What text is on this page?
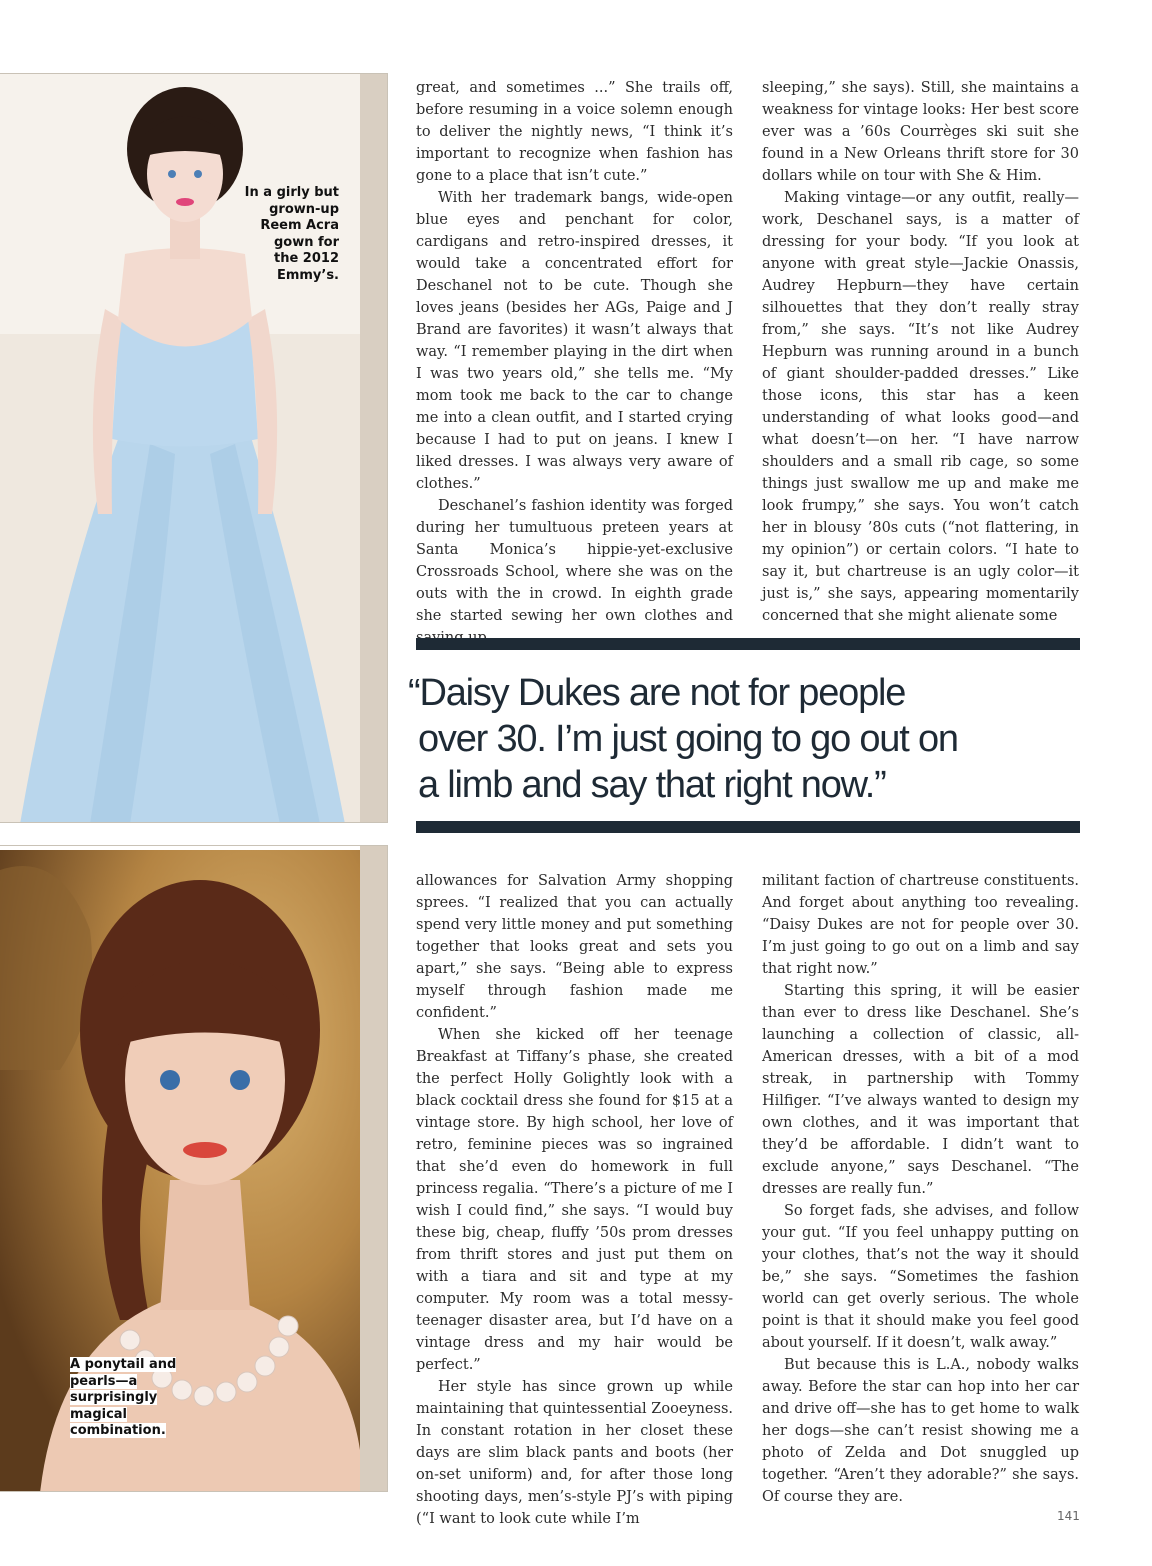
In a girly but
grown-up
Reem Acra
gown for
the 2012
Emmy’s.
A ponytail and
pearls—a
surprisingly
magical
combination.

great, and sometimes ...” She trails off, before resuming in a voice solemn enough to deliver the nightly news, “I think it’s important to recognize when fashion has gone to a place that isn’t cute.”

With her trademark bangs, wide-open blue eyes and penchant for color, cardigans and retro-inspired dresses, it would take a concentrated effort for Deschanel not to be cute. Though she loves jeans (besides her AGs, Paige and J Brand are favorites) it wasn’t always that way. “I remember playing in the dirt when I was two years old,” she tells me. “My mom took me back to the car to change me into a clean outfit, and I started crying because I had to put on jeans. I knew I liked dresses. I was always very aware of clothes.”

Deschanel’s fashion identity was forged during her tumultuous preteen years at Santa Monica’s hippie-yet-exclusive Crossroads School, where she was on the outs with the in crowd. In eighth grade she started sewing her own clothes and

sleeping,” she says). Still, she maintains a weakness for vintage looks: Her best score ever was a ’60s Courrèges ski suit she found in a New Orleans thrift store for 30 dollars while on tour with She & Him.

Making vintage—or any outfit, really—work, Deschanel says, is a matter of dressing for your body. “If you look at anyone with great style—Jackie Onassis, Audrey Hepburn—they have certain silhouettes that they don’t really stray from,” she says. “It’s not like Audrey Hepburn was running around in a bunch of giant shoulder-padded dresses.” Like those icons, this star has a keen understanding of what looks good—and what doesn’t—on her. “I have narrow shoulders and a small rib cage, so some things just swallow me up and make me look frumpy,” she says. You won’t catch her in blousy ’80s cuts (“not flattering, in my opinion”) or certain colors. “I hate to say it, but chartreuse is an ugly color—it just is,” she says, appearing momentarily concerned that she might alienate some

“Daisy Dukes are not for people
over 30. I’m just going to go out on
a limb and say that right now.”

allowances for Salvation Army shopping sprees. “I realized that you can actually spend very little money and put something together that looks great and sets you apart,” she says. “Being able to express myself through fashion made me confident.”

When she kicked off her teenage Breakfast at Tiffany’s phase, she created the perfect Holly Golightly look with a black cocktail dress she found for $15 at a vintage store. By high school, her love of retro, feminine pieces was so ingrained that she’d even do homework in full princess regalia. “There’s a picture of me I wish I could find,” she says. “I would buy these big, cheap, fluffy ’50s prom dresses from thrift stores and just put them on with a tiara and sit and type at my computer. My room was a total messy-teenager disaster area, but I’d have on a vintage dress and my hair would be perfect.”

Her style has since grown up while maintaining that quintessential Zooeyness. In constant rotation in her closet these days are slim black pants and boots (her on-set uniform) and, for after those long shooting days, men’s-style PJ’s with piping (“I want to look cute while I’m

militant faction of chartreuse constituents. And forget about anything too revealing. “Daisy Dukes are not for people over 30. I’m just going to go out on a limb and say that right now.”

Starting this spring, it will be easier than ever to dress like Deschanel. She’s launching a collection of classic, all-American dresses, with a bit of a mod streak, in partnership with Tommy Hilfiger. “I’ve always wanted to design my own clothes, and it was important that they’d be affordable. I didn’t want to exclude anyone,” says Deschanel. “The dresses are really fun.”

So forget fads, she advises, and follow your gut. “If you feel unhappy putting on your clothes, that’s not the way it should be,” she says. “Sometimes the fashion world can get overly serious. The whole point is that it should make you feel good about yourself. If it doesn’t, walk away.”

But because this is L.A., nobody walks away. Before the star can hop into her car and drive off—she has to get home to walk her dogs—she can’t resist showing me a photo of Zelda and Dot snuggled up together. “Aren’t they adorable?” she says. Of course they are.

141
